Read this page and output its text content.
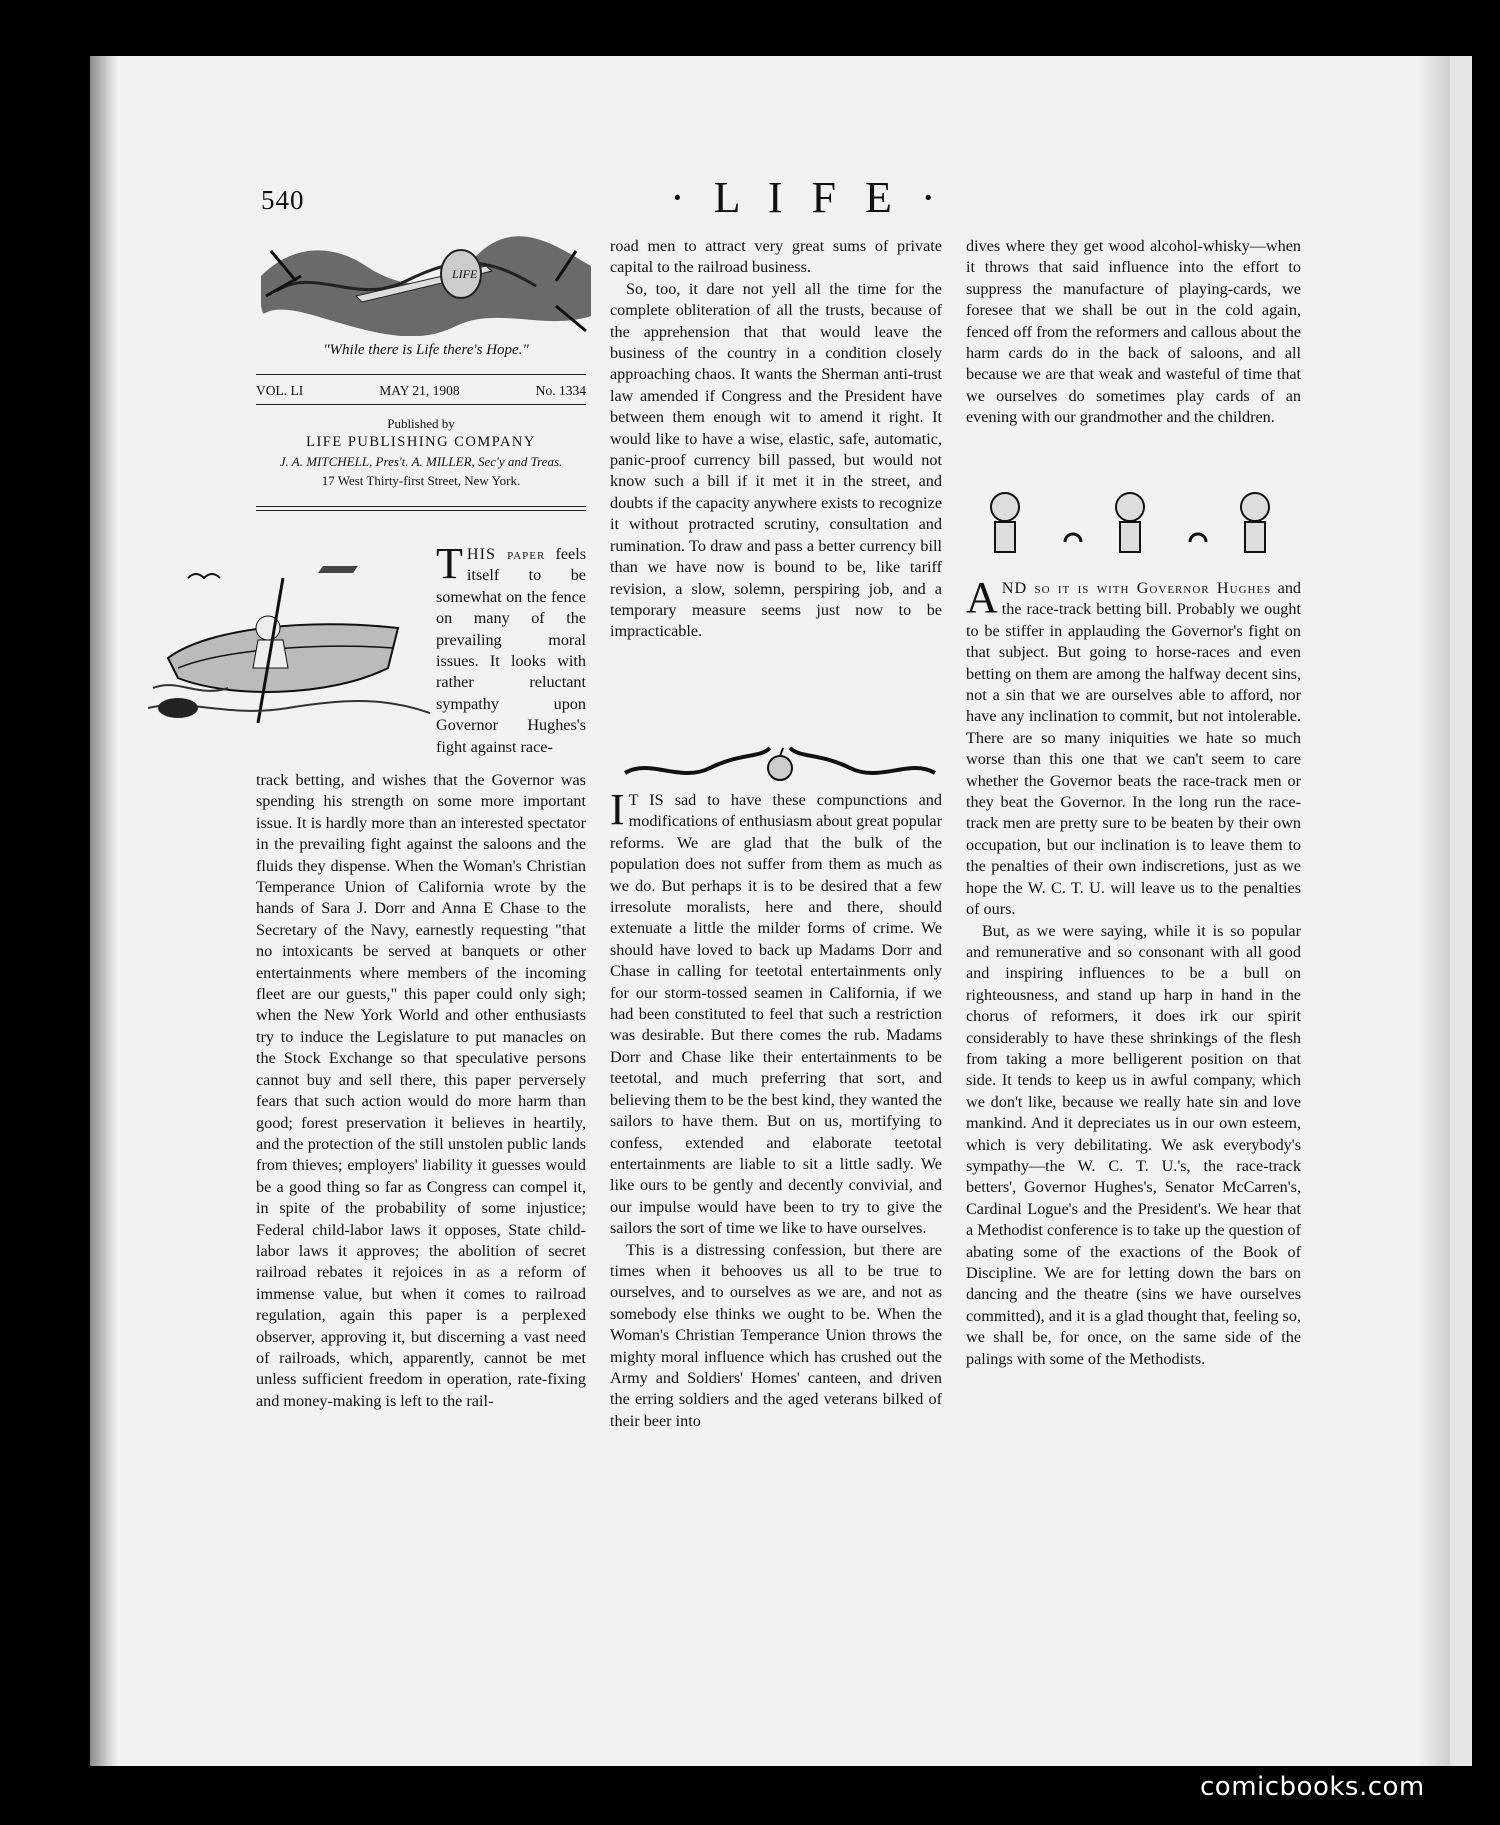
540	· L I F E ·
LIFE
"While there is Life there's Hope."
VOL. LI	MAY 21, 1908	No. 1334
Published by
LIFE PUBLISHING COMPANY
J. A. MITCHELL, Pres't. A. MILLER, Sec'y and Treas.
17 West Thirty-first Street, New York.
T HIS paper feels itself to be somewhat on the fence on many of the prevailing moral issues. It looks with rather reluctant sympathy upon Governor Hughes's fight against race-
track betting, and wishes that the Governor was spending his strength on some more important issue. It is hardly more than an interested spectator in the prevailing fight against the saloons and the fluids they dispense. When the Woman's Christian Temperance Union of California wrote by the hands of Sara J. Dorr and Anna E Chase to the Secretary of the Navy, earnestly requesting "that no intoxicants be served at banquets or other entertainments where members of the incoming fleet are our guests," this paper could only sigh; when the New York World and other enthusiasts try to induce the Legislature to put manacles on the Stock Exchange so that speculative persons cannot buy and sell there, this paper perversely fears that such action would do more harm than good; forest preservation it believes in heartily, and the protection of the still unstolen public lands from thieves; employers' liability it guesses would be a good thing so far as Congress can compel it, in spite of the probability of some injustice; Federal child-labor laws it opposes, State child-labor laws it approves; the abolition of secret railroad rebates it rejoices in as a reform of immense value, but when it comes to railroad regulation, again this paper is a perplexed observer, approving it, but discerning a vast need of railroads, which, apparently, cannot be met unless sufficient freedom in operation, rate-fixing and money-making is left to the rail-

road men to attract very great sums of private capital to the railroad business.

So, too, it dare not yell all the time for the complete obliteration of all the trusts, because of the apprehension that that would leave the business of the country in a condition closely approaching chaos. It wants the Sherman anti-trust law amended if Congress and the President have between them enough wit to amend it right. It would like to have a wise, elastic, safe, automatic, panic-proof currency bill passed, but would not know such a bill if it met it in the street, and doubts if the capacity anywhere exists to recognize it without protracted scrutiny, consultation and rumination. To draw and pass a better currency bill than we have now is bound to be, like tariff revision, a slow, solemn, perspiring job, and a temporary measure seems just now to be impracticable.

I T IS sad to have these compunctions and modifications of enthusiasm about great popular reforms. We are glad that the bulk of the population does not suffer from them as much as we do. But perhaps it is to be desired that a few irresolute moralists, here and there, should extenuate a little the milder forms of crime. We should have loved to back up Madams Dorr and Chase in calling for teetotal entertainments only for our storm-tossed seamen in California, if we had been constituted to feel that such a restriction was desirable. But there comes the rub. Madams Dorr and Chase like their entertainments to be teetotal, and much preferring that sort, and believing them to be the best kind, they wanted the sailors to have them. But on us, mortifying to confess, extended and elaborate teetotal entertainments are liable to sit a little sadly. We like ours to be gently and decently convivial, and our impulse would have been to try to give the sailors the sort of time we like to have ourselves.
This is a distressing confession, but there are times when it behooves us all to be true to ourselves, and to ourselves as we are, and not as somebody else thinks we ought to be. When the Woman's Christian Temperance Union throws the mighty moral influence which has crushed out the Army and Soldiers' Homes' canteen, and driven the erring soldiers and the aged veterans bilked of their beer into

dives where they get wood alcohol-whisky—when it throws that said influence into the effort to suppress the manufacture of playing-cards, we foresee that we shall be out in the cold again, fenced off from the reformers and callous about the harm cards do in the back of saloons, and all because we are that weak and wasteful of time that we ourselves do sometimes play cards of an evening with our grandmother and the children.

A ND so it is with Governor Hughes and the race-track betting bill. Probably we ought to be stiffer in applauding the Governor's fight on that subject. But going to horse-races and even betting on them are among the halfway decent sins, not a sin that we are ourselves able to afford, nor have any inclination to commit, but not intolerable. There are so many iniquities we hate so much worse than this one that we can't seem to care whether the Governor beats the race-track men or they beat the Governor. In the long run the race-track men are pretty sure to be beaten by their own occupation, but our inclination is to leave them to the penalties of their own indiscretions, just as we hope the W. C. T. U. will leave us to the penalties of ours.
But, as we were saying, while it is so popular and remunerative and so consonant with all good and inspiring influences to be a bull on righteousness, and stand up harp in hand in the chorus of reformers, it does irk our spirit considerably to have these shrinkings of the flesh from taking a more belligerent position on that side. It tends to keep us in awful company, which we don't like, because we really hate sin and love mankind. And it depreciates us in our own esteem, which is very debilitating. We ask everybody's sympathy—the W. C. T. U.'s, the race-track betters', Governor Hughes's, Senator McCarren's, Cardinal Logue's and the President's. We hear that a Methodist conference is to take up the question of abating some of the exactions of the Book of Discipline. We are for letting down the bars on dancing and the theatre (sins we have ourselves committed), and it is a glad thought that, feeling so, we shall be, for once, on the same side of the palings with some of the Methodists.
comicbooks.com
